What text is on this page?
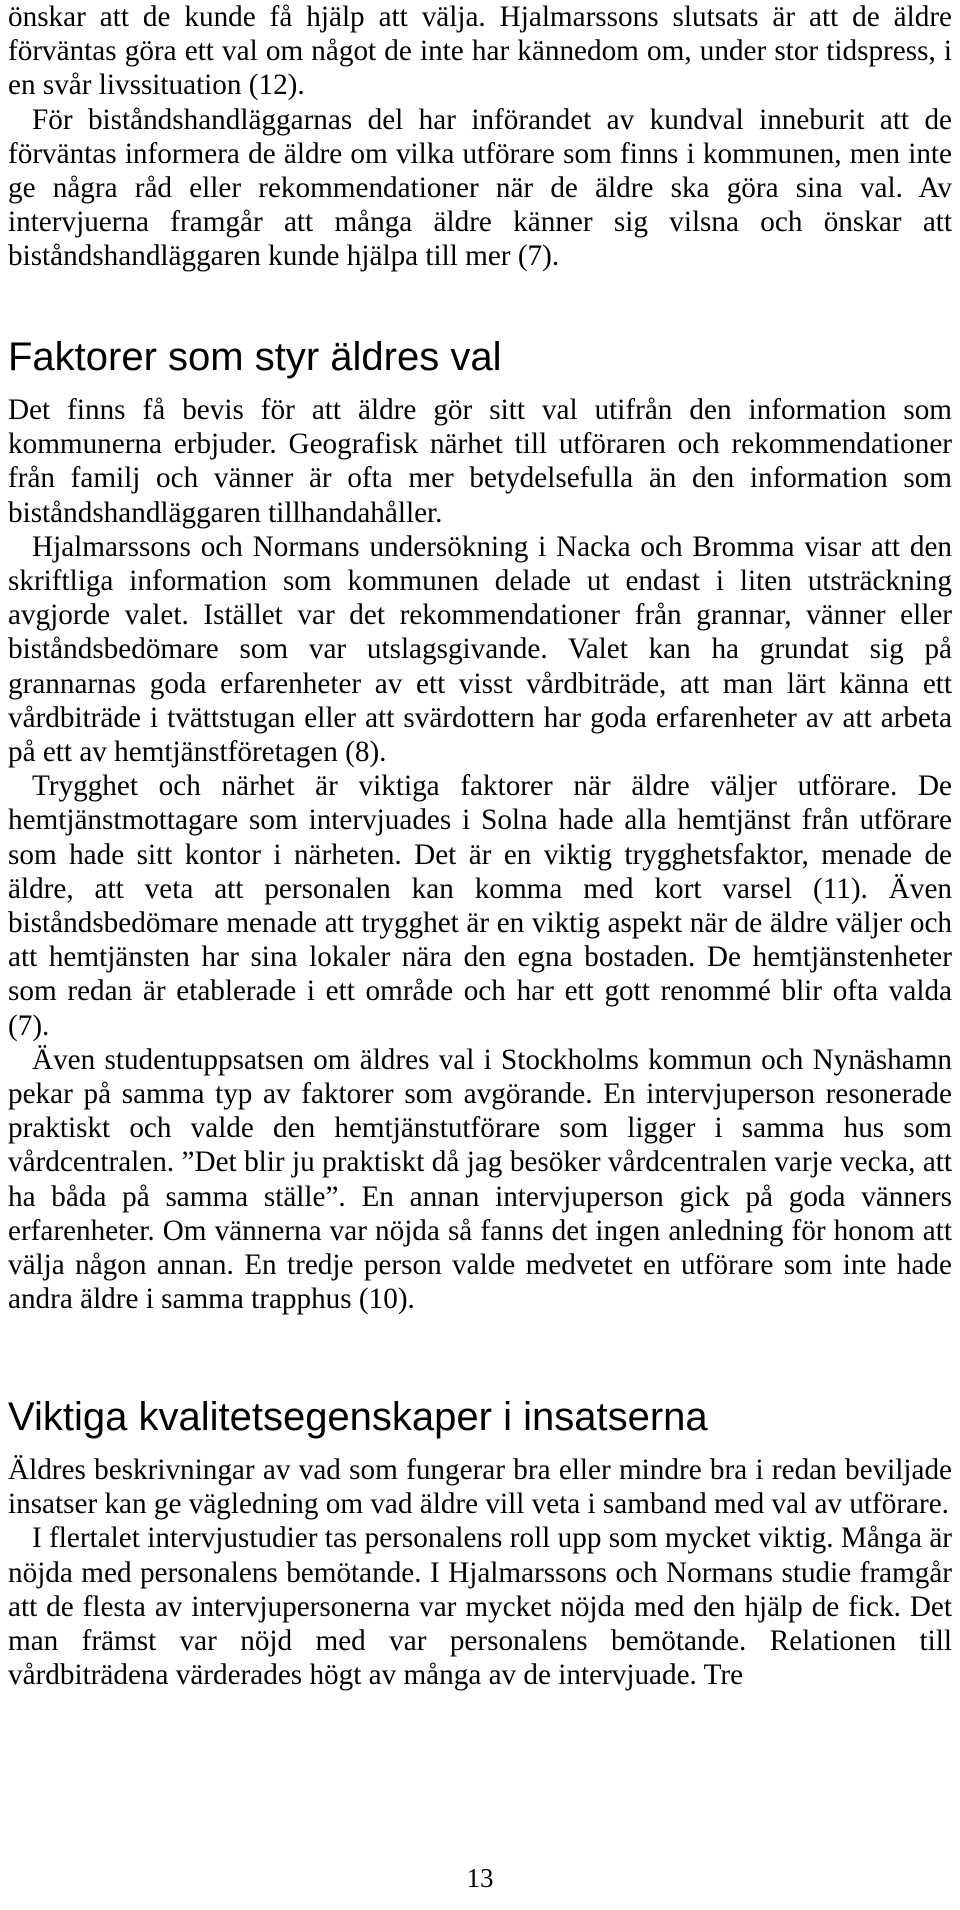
önskar att de kunde få hjälp att välja. Hjalmarssons slutsats är att de äldre förväntas göra ett val om något de inte har kännedom om, under stor tidspress, i en svår livssituation (12).

För biståndshandläggarnas del har införandet av kundval inneburit att de förväntas informera de äldre om vilka utförare som finns i kommunen, men inte ge några råd eller rekommendationer när de äldre ska göra sina val. Av intervjuerna framgår att många äldre känner sig vilsna och önskar att biståndshandläggaren kunde hjälpa till mer (7).

Faktorer som styr äldres val

Det finns få bevis för att äldre gör sitt val utifrån den information som kommunerna erbjuder. Geografisk närhet till utföraren och rekommendationer från familj och vänner är ofta mer betydelsefulla än den information som biståndshandläggaren tillhandahåller.

Hjalmarssons och Normans undersökning i Nacka och Bromma visar att den skriftliga information som kommunen delade ut endast i liten utsträckning avgjorde valet. Istället var det rekommendationer från grannar, vänner eller biståndsbedömare som var utslagsgivande. Valet kan ha grundat sig på grannarnas goda erfarenheter av ett visst vårdbiträde, att man lärt känna ett vårdbiträde i tvättstugan eller att svärdottern har goda erfarenheter av att arbeta på ett av hemtjänstföretagen (8).

Trygghet och närhet är viktiga faktorer när äldre väljer utförare. De hemtjänstmottagare som intervjuades i Solna hade alla hemtjänst från utförare som hade sitt kontor i närheten. Det är en viktig trygghetsfaktor, menade de äldre, att veta att personalen kan komma med kort varsel (11). Även biståndsbedömare menade att trygghet är en viktig aspekt när de äldre väljer och att hemtjänsten har sina lokaler nära den egna bostaden. De hemtjänstenheter som redan är etablerade i ett område och har ett gott renommé blir ofta valda (7).

Även studentuppsatsen om äldres val i Stockholms kommun och Nynäshamn pekar på samma typ av faktorer som avgörande. En intervjuperson resonerade praktiskt och valde den hemtjänstutförare som ligger i samma hus som vårdcentralen. ”Det blir ju praktiskt då jag besöker vårdcentralen varje vecka, att ha båda på samma ställe”. En annan intervjuperson gick på goda vänners erfarenheter. Om vännerna var nöjda så fanns det ingen anledning för honom att välja någon annan. En tredje person valde medvetet en utförare som inte hade andra äldre i samma trapphus (10).

Viktiga kvalitetsegenskaper i insatserna

Äldres beskrivningar av vad som fungerar bra eller mindre bra i redan beviljade insatser kan ge vägledning om vad äldre vill veta i samband med val av utförare.

I flertalet intervjustudier tas personalens roll upp som mycket viktig. Många är nöjda med personalens bemötande. I Hjalmarssons och Normans studie framgår att de flesta av intervjupersonerna var mycket nöjda med den hjälp de fick. Det man främst var nöjd med var personalens bemötande. Relationen till vårdbiträdena värderades högt av många av de intervjuade. Tre

13
